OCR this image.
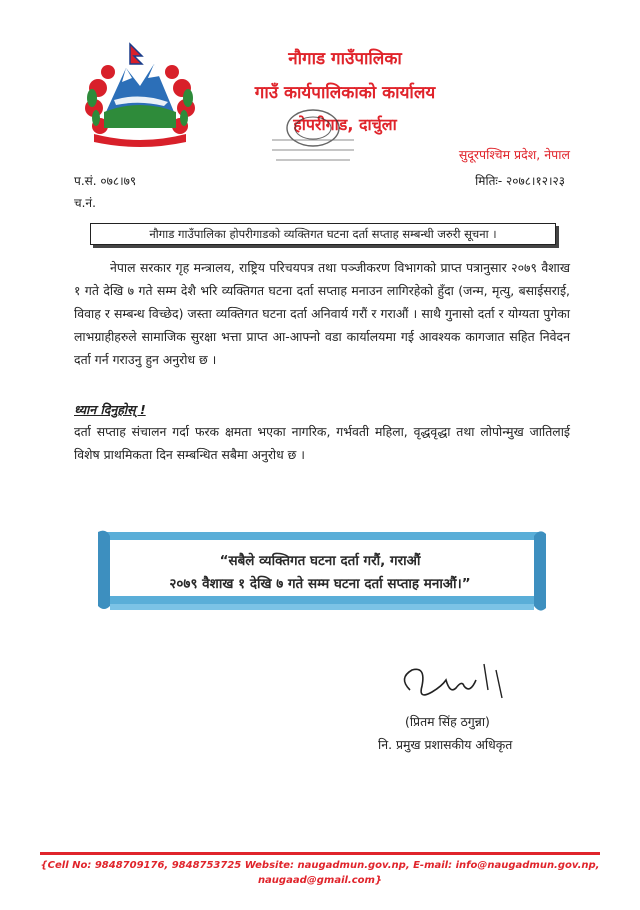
नौगाड गाउँपालिका
गाउँ कार्यपालिकाको कार्यालय
होपरीगाड, दार्चुला
सुदूरपश्चिम प्रदेश, नेपाल
प.सं. ०७८।७९
च.नं.
मितिः- २०७८।१२।२३
नौगाड गाउँपालिका होपरीगाडको व्यक्तिगत घटना दर्ता सप्ताह सम्बन्धी जरुरी सूचना ।
नेपाल सरकार गृह मन्त्रालय, राष्ट्रिय परिचयपत्र तथा पञ्जीकरण विभागको प्राप्त पत्रानुसार २०७९ वैशाख १ गते देखि ७ गते सम्म देशै भरि व्यक्तिगत घटना दर्ता सप्ताह मनाउन लागिरहेको हुँदा (जन्म, मृत्यु, बसाईसराई, विवाह र सम्बन्ध विच्छेद) जस्ता व्यक्तिगत घटना दर्ता अनिवार्य गरौं र गराऔं । साथै गुनासो दर्ता र योग्यता पुगेका लाभग्राहीहरुले सामाजिक सुरक्षा भत्ता प्राप्त आ-आफ्नो वडा कार्यालयमा गई आवश्यक कागजात सहित निवेदन दर्ता गर्न गराउनु हुन अनुरोध छ ।
ध्यान दिनुहोस् !
दर्ता सप्ताह संचालन गर्दा फरक क्षमता भएका नागरिक, गर्भवती महिला, वृद्धवृद्धा तथा लोपोन्मुख जातिलाई विशेष प्राथमिकता दिन सम्बन्धित सबैमा अनुरोध छ ।
“सबैले व्यक्तिगत घटना दर्ता गरौं, गराऔं
२०७९ वैशाख १ देखि ७ गते सम्म घटना दर्ता सप्ताह मनाऔं।”
(प्रितम सिंह ठगुन्ना)
नि. प्रमुख प्रशासकीय अधिकृत
{Cell No: 9848709176, 9848753725 Website: naugadmun.gov.np, E-mail: info@naugadmun.gov.np,
naugaad@gmail.com}
